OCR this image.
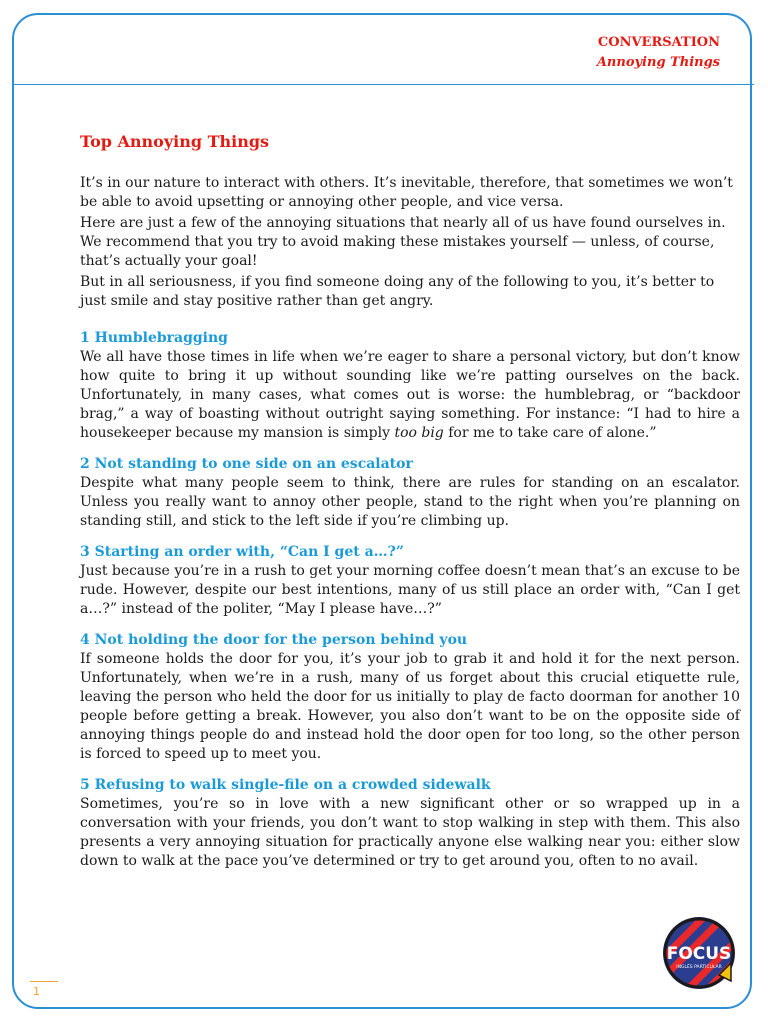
CONVERSATION
Annoying Things
Top Annoying Things

It’s in our nature to interact with others. It’s inevitable, therefore, that sometimes we won’t be able to avoid upsetting or annoying other people, and vice versa.

Here are just a few of the annoying situations that nearly all of us have found ourselves in. We recommend that you try to avoid making these mistakes yourself — unless, of course, that’s actually your goal!

But in all seriousness, if you find someone doing any of the following to you, it’s better to just smile and stay positive rather than get angry.

1 Humblebragging

We all have those times in life when we’re eager to share a personal victory, but don’t know how quite to bring it up without sounding like we’re patting ourselves on the back. Unfortunately, in many cases, what comes out is worse: the humblebrag, or “backdoor brag,” a way of boasting without outright saying something. For instance: “I had to hire a housekeeper because my mansion is simply too big for me to take care of alone.”

2 Not standing to one side on an escalator

Despite what many people seem to think, there are rules for standing on an escalator. Unless you really want to annoy other people, stand to the right when you’re planning on standing still, and stick to the left side if you’re climbing up.

3 Starting an order with, “Can I get a…?”

Just because you’re in a rush to get your morning coffee doesn’t mean that’s an excuse to be rude. However, despite our best intentions, many of us still place an order with, “Can I get a…?” instead of the politer, “May I please have…?”

4 Not holding the door for the person behind you

If someone holds the door for you, it’s your job to grab it and hold it for the next person. Unfortunately, when we’re in a rush, many of us forget about this crucial etiquette rule, leaving the person who held the door for us initially to play de facto doorman for another 10 people before getting a break. However, you also don’t want to be on the opposite side of annoying things people do and instead hold the door open for too long, so the other person is forced to speed up to meet you.

5 Refusing to walk single-file on a crowded sidewalk

Sometimes, you’re so in love with a new significant other or so wrapped up in a conversation with your friends, you don’t want to stop walking in step with them. This also presents a very annoying situation for practically anyone else walking near you: either slow down to walk at the pace you’ve determined or try to get around you, often to no avail.

FOCUS
INGLÉS PARTICULAR
1
